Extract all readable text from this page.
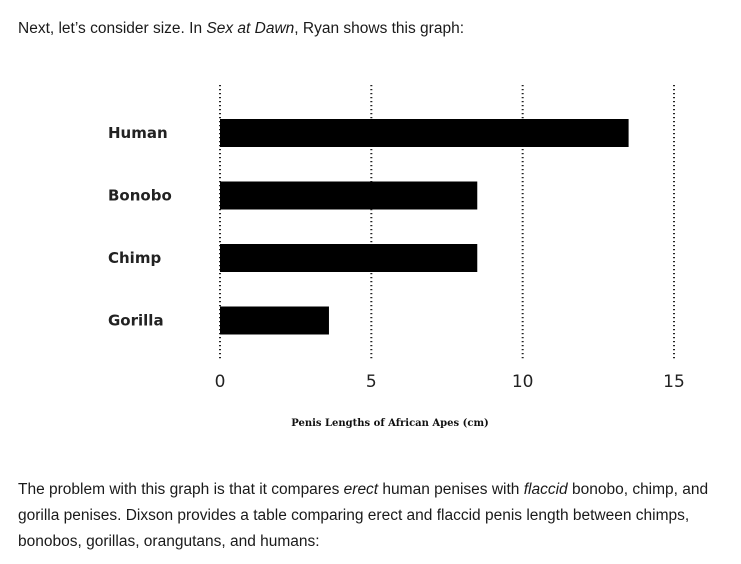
Next, let’s consider size. In Sex at Dawn, Ryan shows this graph:

Human
Bonobo
Chimp
Gorilla
0	5	10	15
Penis Lengths of African Apes (cm)

The problem with this graph is that it compares erect human penises with flaccid bonobo, chimp, and gorilla penises. Dixson provides a table comparing erect and flaccid penis length between chimps, bonobos, gorillas, orangutans, and humans:
